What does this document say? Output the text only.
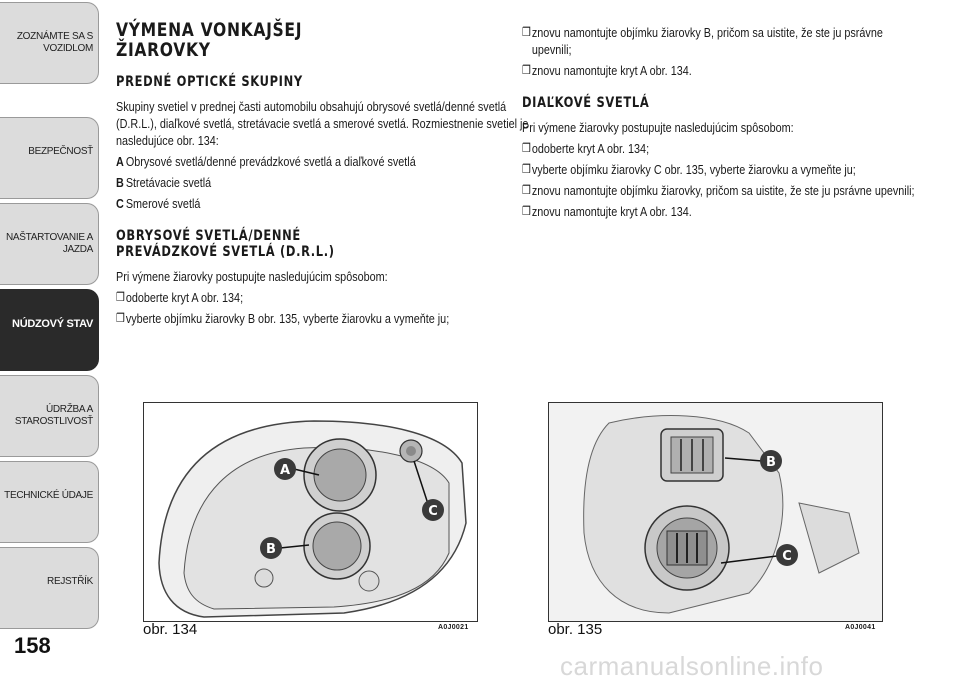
ZOZNÁMTE SA S
VOZIDLOM
BEZPEČNOSŤ
NAŠTARTOVANIE A
JAZDA
NÚDZOVÝ STAV
ÚDRŽBA A
STAROSTLIVOSŤ
TECHNICKÉ ÚDAJE
REJSTŘÍK
158
VÝMENA VONKAJŠEJ
ŽIAROVKY
PREDNÉ OPTICKÉ SKUPINY

Skupiny svetiel v prednej časti automobilu obsahujú obrysové svetlá/denné svetlá (D.R.L.), diaľkové svetlá, stretávacie svetlá a smerové svetlá. Rozmiestnenie svetiel je nasledujúce obr. 134:

A Obrysové svetlá/denné prevádzkové svetlá a diaľkové svetlá
B Stretávacie svetlá
C Smerové svetlá
OBRYSOVÉ SVETLÁ/DENNÉ
PREVÁDZKOVÉ SVETLÁ (D.R.L.)

Pri výmene žiarovky postupujte nasledujúcim spôsobom:

❒ odoberte kryt A obr. 134;
❒ vyberte objímku žiarovky B obr. 135, vyberte žiarovku a vymeňte ju;
❒ znovu namontujte objímku žiarovky B, pričom sa uistite, že ste ju psrávne upevnili;
❒ znovu namontujte kryt A obr. 134.
DIAĽKOVÉ SVETLÁ

Pri výmene žiarovky postupujte nasledujúcim spôsobom:

❒ odoberte kryt A obr. 134;
❒ vyberte objímku žiarovky C obr. 135, vyberte žiarovku a vymeňte ju;
❒ znovu namontujte objímku žiarovky, pričom sa uistite, že ste ju psrávne upevnili;
❒ znovu namontujte kryt A obr. 134.
A
B
C
obr. 134	A0J0021
B
C
obr. 135	A0J0041
carmanualsonline.info
